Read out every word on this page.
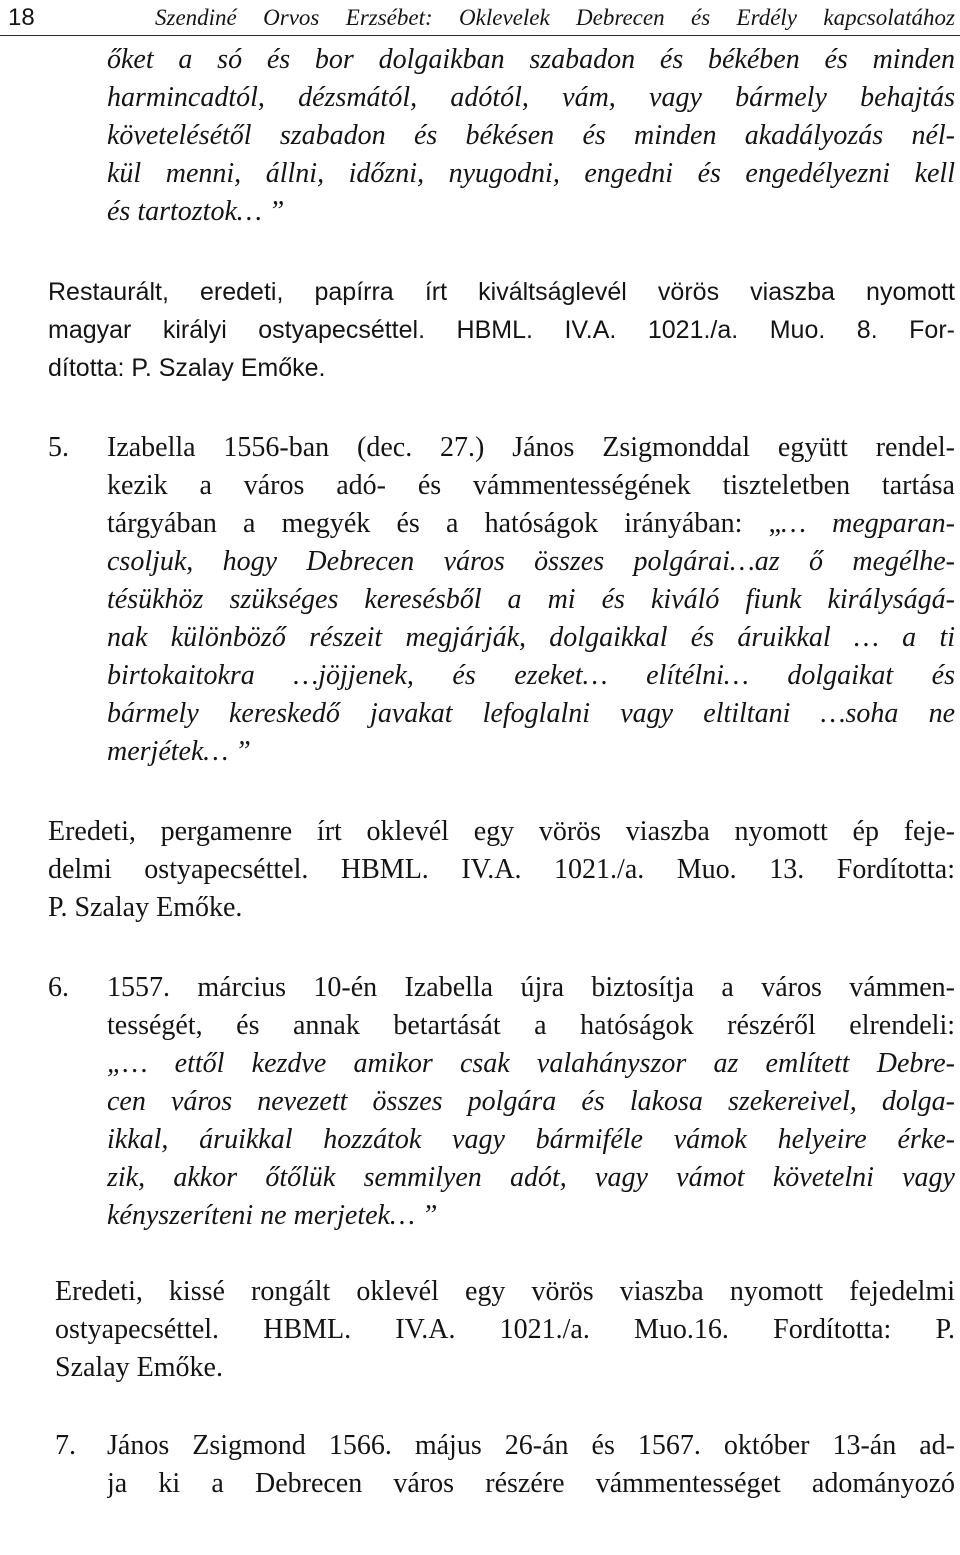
18	Szendiné Orvos Erzsébet: Oklevelek Debrecen és Erdély kapcsolatához
őket a só és bor dolgaikban szabadon és békében és minden
harmincadtól, dézsmától, adótól, vám, vagy bármely behajtás
követelésétől szabadon és békésen és minden akadályozás nél-
kül menni, állni, időzni, nyugodni, engedni és engedélyezni kell
és tartoztok… ”
Restaurált, eredeti, papírra írt kiváltságlevél vörös viaszba nyomott
magyar királyi ostyapecséttel. HBML. IV.A. 1021./a. Muo. 8. For-
dította: P. Szalay Emőke.
5. Izabella 1556-ban (dec. 27.) János Zsigmonddal együtt rendel-
kezik a város adó- és vámmentességének tiszteletben tartása
tárgyában a megyék és a hatóságok irányában: „… megparan-
csoljuk, hogy Debrecen város összes polgárai…az ő megélhe-
tésükhöz szükséges keresésből a mi és kiváló fiunk királyságá-
nak különböző részeit megjárják, dolgaikkal és áruikkal … a ti
birtokaitokra …jöjjenek, és ezeket… elítélni… dolgaikat és
bármely kereskedő javakat lefoglalni vagy eltiltani …soha ne
merjétek… ”
Eredeti, pergamenre írt oklevél egy vörös viaszba nyomott ép feje-
delmi ostyapecséttel. HBML. IV.A. 1021./a. Muo. 13. Fordította:
P. Szalay Emőke.
6. 1557. március 10-én Izabella újra biztosítja a város vámmen-
tességét, és annak betartását a hatóságok részéről elrendeli:
„… ettől kezdve amikor csak valahányszor az említett Debre-
cen város nevezett összes polgára és lakosa szekereivel, dolga-
ikkal, áruikkal hozzátok vagy bármiféle vámok helyeire érke-
zik, akkor őtőlük semmilyen adót, vagy vámot követelni vagy
kényszeríteni ne merjetek… ”
Eredeti, kissé rongált oklevél egy vörös viaszba nyomott fejedelmi
ostyapecséttel. HBML. IV.A. 1021./a. Muo.16. Fordította: P.
Szalay Emőke.
7. János Zsigmond 1566. május 26-án és 1567. október 13-án ad-
ja ki a Debrecen város részére vámmentességet adományozó
